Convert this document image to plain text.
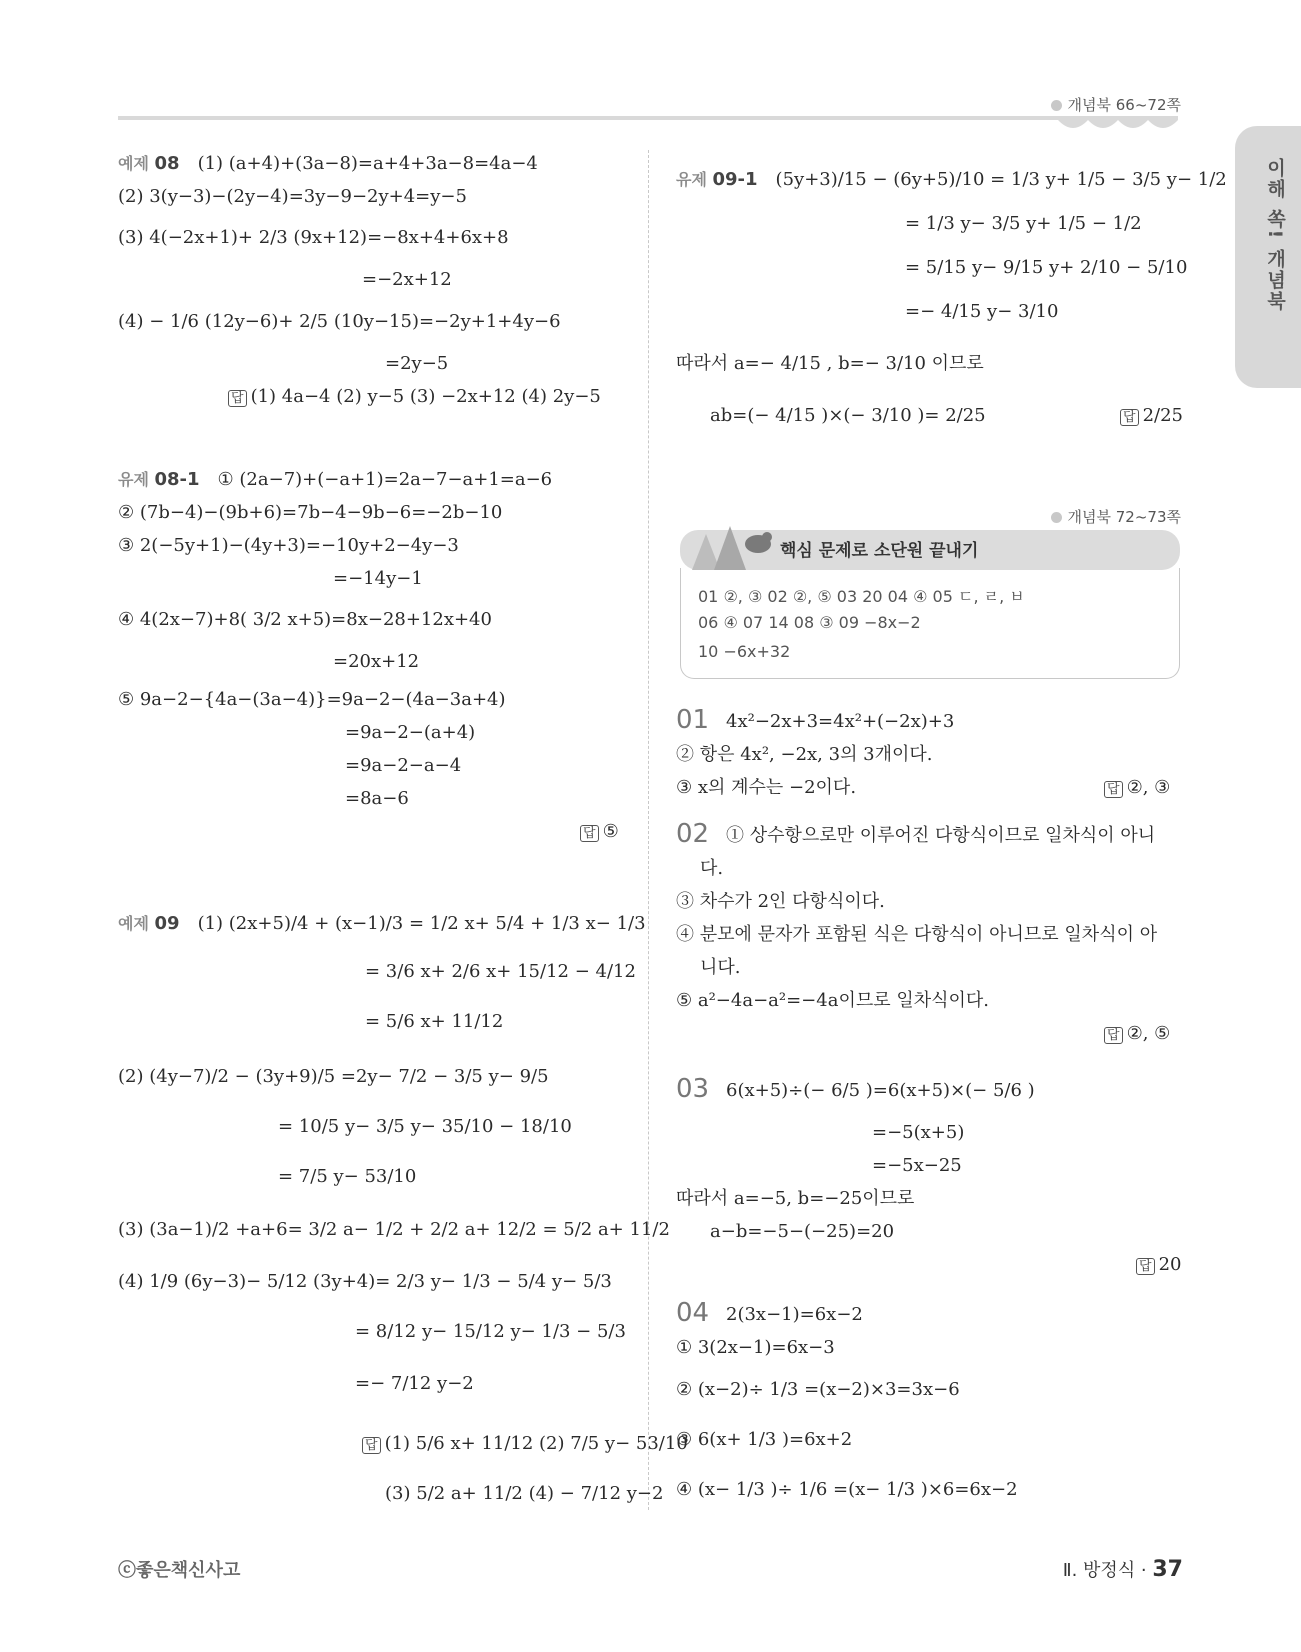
개념북 66~72쪽
이해 쏙! 개념북
예제 08 (1) (a+4)+(3a−8)=a+4+3a−8=4a−4
(2) 3(y−3)−(2y−4)=3y−9−2y+4=y−5
(3) 4(−2x+1)+ 2/3 (9x+12)=−8x+4+6x+8
=−2x+12
(4) − 1/6 (12y−6)+ 2/5 (10y−15)=−2y+1+4y−6
=2y−5
답 (1) 4a−4 (2) y−5 (3) −2x+12 (4) 2y−5
유제 08-1 ① (2a−7)+(−a+1)=2a−7−a+1=a−6
② (7b−4)−(9b+6)=7b−4−9b−6=−2b−10
③ 2(−5y+1)−(4y+3)=−10y+2−4y−3
=−14y−1
④ 4(2x−7)+8( 3/2 x+5)=8x−28+12x+40
=20x+12
⑤ 9a−2−{4a−(3a−4)}=9a−2−(4a−3a+4)
=9a−2−(a+4)
=9a−2−a−4
=8a−6
답 ⑤
예제 09 (1) (2x+5)/4 + (x−1)/3 = 1/2 x+ 5/4 + 1/3 x− 1/3
= 3/6 x+ 2/6 x+ 15/12 − 4/12
= 5/6 x+ 11/12
(2) (4y−7)/2 − (3y+9)/5 =2y− 7/2 − 3/5 y− 9/5
= 10/5 y− 3/5 y− 35/10 − 18/10
= 7/5 y− 53/10
(3) (3a−1)/2 +a+6= 3/2 a− 1/2 + 2/2 a+ 12/2 = 5/2 a+ 11/2
(4) 1/9 (6y−3)− 5/12 (3y+4)= 2/3 y− 1/3 − 5/4 y− 5/3
= 8/12 y− 15/12 y− 1/3 − 5/3
=− 7/12 y−2
답 (1) 5/6 x+ 11/12 (2) 7/5 y− 53/10
(3) 5/2 a+ 11/2 (4) − 7/12 y−2
유제 09-1 (5y+3)/15 − (6y+5)/10 = 1/3 y+ 1/5 − 3/5 y− 1/2
= 1/3 y− 3/5 y+ 1/5 − 1/2
= 5/15 y− 9/15 y+ 2/10 − 5/10
=− 4/15 y− 3/10
따라서 a=− 4/15 , b=− 3/10 이므로
ab=(− 4/15 )×(− 3/10 )= 2/25	답 2/25
개념북 72~73쪽
핵심 문제로 소단원 끝내기
01 ②, ③ 02 ②, ⑤ 03 20 04 ④ 05 ㄷ, ㄹ, ㅂ
06 ④ 07 14 08 ③ 09 −8x−2
10 −6x+32
01 4x²−2x+3=4x²+(−2x)+3
② 항은 4x², −2x, 3의 3개이다.
③ x의 계수는 −2이다.	답 ②, ③
02 ① 상수항으로만 이루어진 다항식이므로 일차식이 아니
다.
③ 차수가 2인 다항식이다.
④ 분모에 문자가 포함된 식은 다항식이 아니므로 일차식이 아
니다.
⑤ a²−4a−a²=−4a이므로 일차식이다.
답 ②, ⑤
03 6(x+5)÷(− 6/5 )=6(x+5)×(− 5/6 )
=−5(x+5)
=−5x−25
따라서 a=−5, b=−25이므로
a−b=−5−(−25)=20
답 20
04 2(3x−1)=6x−2
① 3(2x−1)=6x−3
② (x−2)÷ 1/3 =(x−2)×3=3x−6
③ 6(x+ 1/3 )=6x+2
④ (x− 1/3 )÷ 1/6 =(x− 1/3 )×6=6x−2
ⓒ좋은책신사고	Ⅱ. 방정식 · 37
